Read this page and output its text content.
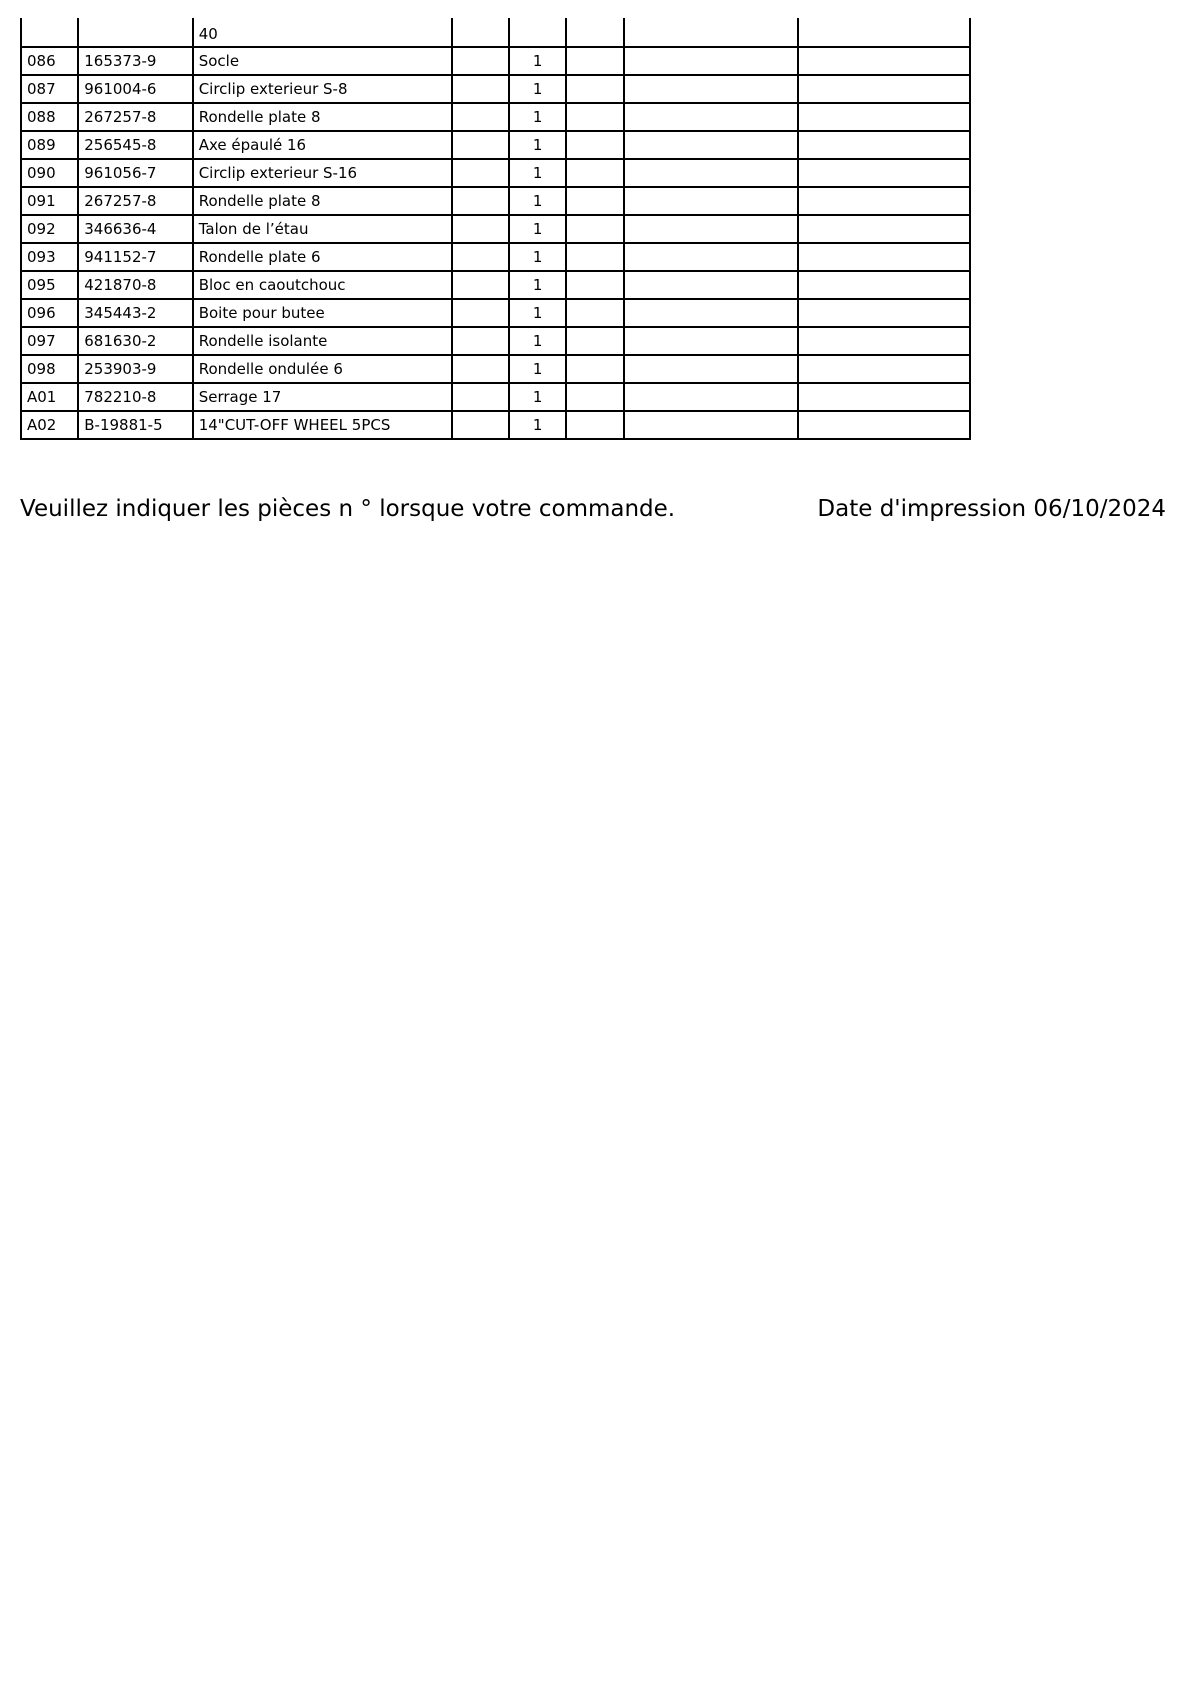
		40					
086	165373-9	Socle		1			
087	961004-6	Circlip exterieur S-8		1			
088	267257-8	Rondelle plate 8		1			
089	256545-8	Axe épaulé 16		1			
090	961056-7	Circlip exterieur S-16		1			
091	267257-8	Rondelle plate 8		1			
092	346636-4	Talon de l’étau		1			
093	941152-7	Rondelle plate 6		1			
095	421870-8	Bloc en caoutchouc		1			
096	345443-2	Boite pour butee		1			
097	681630-2	Rondelle isolante		1			
098	253903-9	Rondelle ondulée 6		1			
A01	782210-8	Serrage 17		1			
A02	B-19881-5	14"CUT-OFF WHEEL 5PCS		1			
Veuillez indiquer les pièces n ° lorsque votre commande.	Date d'impression 06/10/2024
